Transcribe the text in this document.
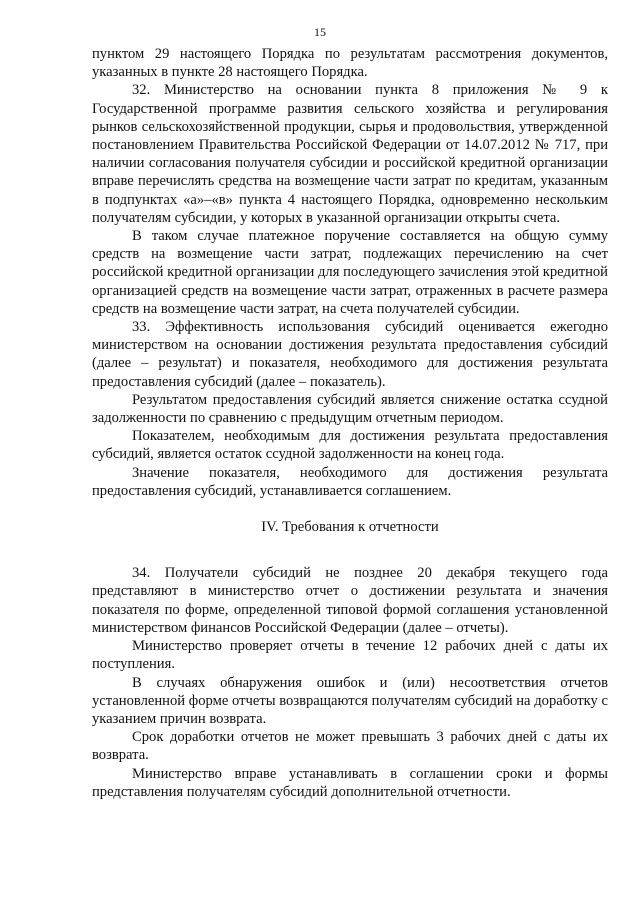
15

пунктом 29 настоящего Порядка по результатам рассмотрения документов, указанных в пункте 28 настоящего Порядка.

32. Министерство на основании пункта 8 приложения № 9 к Государственной программе развития сельского хозяйства и регулирования рынков сельскохозяйственной продукции, сырья и продовольствия, утвержденной постановлением Правительства Российской Федерации от 14.07.2012 № 717, при наличии согласования получателя субсидии и российской кредитной организации вправе перечислять средства на возмещение части затрат по кредитам, указанным в подпунктах «а»–«в» пункта 4 настоящего Порядка, одновременно нескольким получателям субсидии, у которых в указанной организации открыты счета.

В таком случае платежное поручение составляется на общую сумму средств на возмещение части затрат, подлежащих перечислению на счет российской кредитной организации для последующего зачисления этой кредитной организацией средств на возмещение части затрат, отраженных в расчете размера средств на возмещение части затрат, на счета получателей субсидии.

33. Эффективность использования субсидий оценивается ежегодно министерством на основании достижения результата предоставления субсидий (далее – результат) и показателя, необходимого для достижения результата предоставления субсидий (далее – показатель).

Результатом предоставления субсидий является снижение остатка ссудной задолженности по сравнению с предыдущим отчетным периодом.

Показателем, необходимым для достижения результата предоставления субсидий, является остаток ссудной задолженности на конец года.

Значение показателя, необходимого для достижения результата предоставления субсидий, устанавливается соглашением.

IV. Требования к отчетности

34. Получатели субсидий не позднее 20 декабря текущего года представляют в министерство отчет о достижении результата и значения показателя по форме, определенной типовой формой соглашения установленной министерством финансов Российской Федерации (далее – отчеты).

Министерство проверяет отчеты в течение 12 рабочих дней с даты их поступления.

В случаях обнаружения ошибок и (или) несоответствия отчетов установленной форме отчеты возвращаются получателям субсидий на доработку с указанием причин возврата.

Срок доработки отчетов не может превышать 3 рабочих дней с даты их возврата.

Министерство вправе устанавливать в соглашении сроки и формы представления получателям субсидий дополнительной отчетности.
